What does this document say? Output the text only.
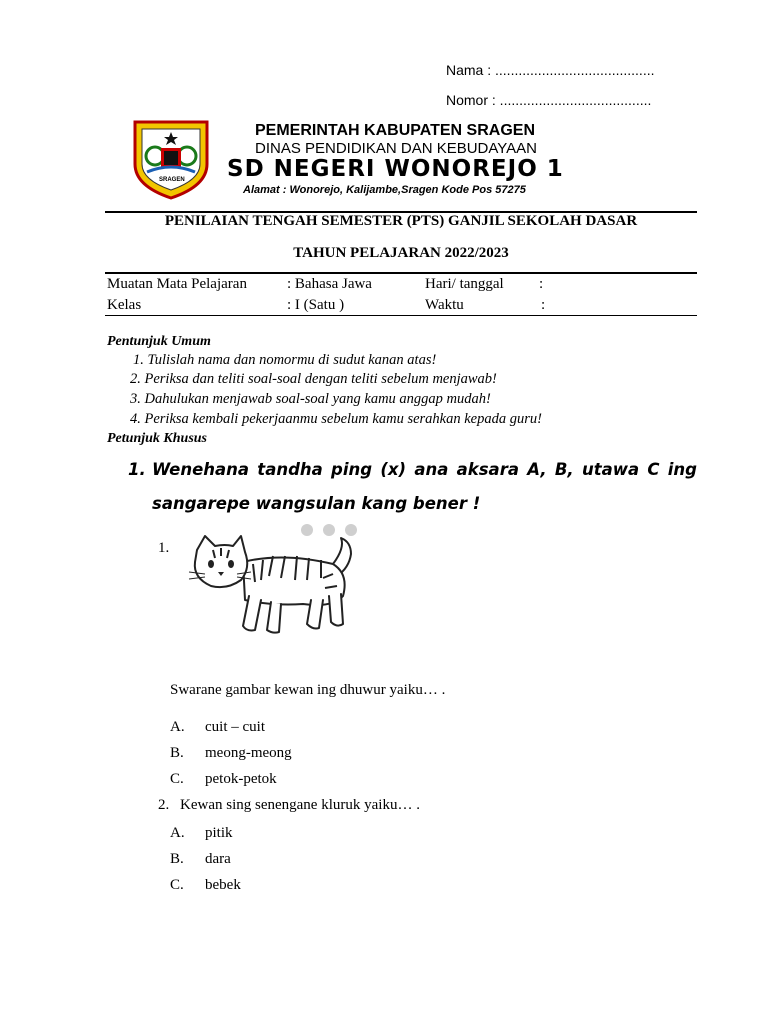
Nama : .........................................
Nomor : .......................................
SRAGEN
PEMERINTAH KABUPATEN SRAGEN
DINAS PENDIDIKAN DAN KEBUDAYAAN
SD NEGERI WONOREJO 1
Alamat : Wonorejo, Kalijambe,Sragen Kode Pos 57275
PENILAIAN TENGAH SEMESTER (PTS) GANJIL SEKOLAH DASAR
TAHUN PELAJARAN 2022/2023
Muatan Mata Pelajaran	: Bahasa Jawa	Hari/ tanggal :
Kelas	: I (Satu )	Waktu	:
Pentunjuk Umum
1. Tulislah nama dan nomormu di sudut kanan atas!
2. Periksa dan teliti soal-soal dengan teliti sebelum menjawab!
3. Dahulukan menjawab soal-soal yang kamu anggap mudah!
4. Periksa kembali pekerjaanmu sebelum kamu serahkan kepada guru!
Petunjuk Khusus
1. Wenehana tandha ping (x) ana aksara A, B, utawa C ing
sangarepe wangsulan kang bener !
1.
Swarane gambar kewan ing dhuwur yaiku… .
A. cuit – cuit
B. meong-meong
C. petok-petok
2. Kewan sing senengane kluruk yaiku… .
A. pitik
B. dara
C. bebek
